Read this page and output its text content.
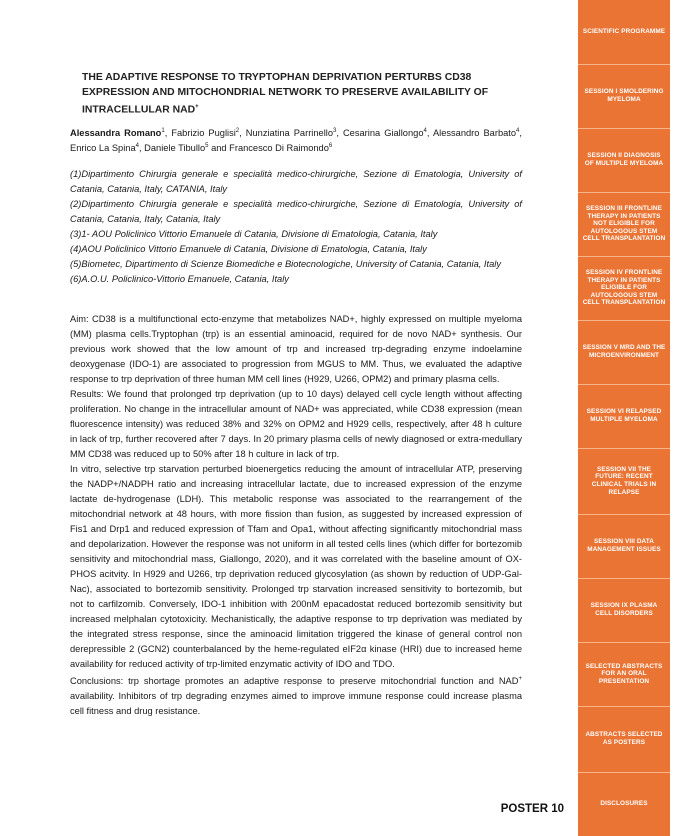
THE ADAPTIVE RESPONSE TO TRYPTOPHAN DEPRIVATION PERTURBS CD38 EXPRESSION AND MITOCHONDRIAL NETWORK TO PRESERVE AVAILABILITY OF INTRACELLULAR NAD+
Alessandra Romano$^1$, Fabrizio Puglisi$^2$, Nunziatina Parrinello$^3$, Cesarina Giallongo$^4$, Alessandro Barbato$^4$, Enrico La Spina$^4$, Daniele Tibullo$^5$ and Francesco Di Raimondo$^6$
(1)Dipartimento Chirurgia generale e specialità medico-chirurgiche, Sezione di Ematologia, University of Catania, Catania, Italy, CATANIA, Italy
(2)Dipartimento Chirurgia generale e specialità medico-chirurgiche, Sezione di Ematologia, University of Catania, Catania, Italy, Catania, Italy
(3)1- AOU Policlinico Vittorio Emanuele di Catania, Divisione di Ematologia, Catania, Italy
(4)AOU Policlinico Vittorio Emanuele di Catania, Divisione di Ematologia, Catania, Italy
(5)Biometec, Dipartimento di Scienze Biomediche e Biotecnologiche, University of Catania, Catania, Italy
(6)A.O.U. Policlinico-Vittorio Emanuele, Catania, Italy

Aim: CD38 is a multifunctional ecto-enzyme that metabolizes NAD+, highly expressed on multiple myeloma (MM) plasma cells.Tryptophan (trp) is an essential aminoacid, required for de novo NAD+ synthesis. Our previous work showed that the low amount of trp and increased trp-degrading enzyme indoelamine deoxygenase (IDO-1) are associated to progression from MGUS to MM. Thus, we evaluated the adaptive response to trp deprivation of three human MM cell lines (H929, U266, OPM2) and primary plasma cells.

Results: We found that prolonged trp deprivation (up to 10 days) delayed cell cycle length without affecting proliferation. No change in the intracellular amount of NAD+ was appreciated, while CD38 expression (mean fluorescence intensity) was reduced 38% and 32% on OPM2 and H929 cells, respectively, after 48 h culture in lack of trp, further recovered after 7 days. In 20 primary plasma cells of newly diagnosed or extra-medullary MM CD38 was reduced up to 50% after 18 h culture in lack of trp.

In vitro, selective trp starvation perturbed bioenergetics reducing the amount of intracellular ATP, preserving the NADP+/NADPH ratio and increasing intracellular lactate, due to increased expression of the enzyme lactate de-hydrogenase (LDH). This metabolic response was associated to the rearrangement of the mitochondrial network at 48 hours, with more fission than fusion, as suggested by increased expression of Fis1 and Drp1 and reduced expression of Tfam and Opa1, without affecting significantly mitochondrial mass and depolarization. However the response was not uniform in all tested cells lines (which differ for bortezomib sensitivity and mitochondrial mass, Giallongo, 2020), and it was correlated with the baseline amount of OX-PHOS acitvity. In H929 and U266, trp deprivation reduced glycosylation (as shown by reduction of UDP-Gal-Nac), associated to bortezomib sensitivity. Prolonged trp starvation increased sensitivity to bortezomib, but not to carfilzomib. Conversely, IDO-1 inhibition with 200nM epacadostat reduced bortezomib sensitivity but increased melphalan cytotoxicity. Mechanistically, the adaptive response to trp deprivation was mediated by the integrated stress response, since the aminoacid limitation triggered the kinase of general control non derepressible 2 (GCN2) counterbalanced by the heme-regulated eIF2α kinase (HRI) due to increased heme availability for reduced activity of trp-limited enzymatic activity of IDO and TDO.

Conclusions: trp shortage promotes an adaptive response to preserve mitochondrial function and NAD+ availability. Inhibitors of trp degrading enzymes aimed to improve immune response could increase plasma cell fitness and drug resistance.

POSTER 10
SCIENTIFIC PROGRAMME
SESSION I SMOLDERING MYELOMA
SESSION II DIAGNOSIS OF MULTIPLE MYELOMA
SESSION III FRONTLINE THERAPY IN PATIENTS NOT ELIGIBLE FOR AUTOLOGOUS STEM CELL TRANSPLANTATION
SESSION IV FRONTLINE THERAPY IN PATIENTS ELIGIBLE FOR AUTOLOGOUS STEM CELL TRANSPLANTATION
SESSION V MRD AND THE MICROENVIRONMENT
SESSION VI RELAPSED MULTIPLE MYELOMA
SESSION VII THE FUTURE: RECENT CLINICAL TRIALS IN RELAPSE
SESSION VIII DATA MANAGEMENT ISSUES
SESSION IX PLASMA CELL DISORDERS
SELECTED ABSTRACTS FOR AN ORAL PRESENTATION
ABSTRACTS SELECTED AS POSTERS
DISCLOSURES
